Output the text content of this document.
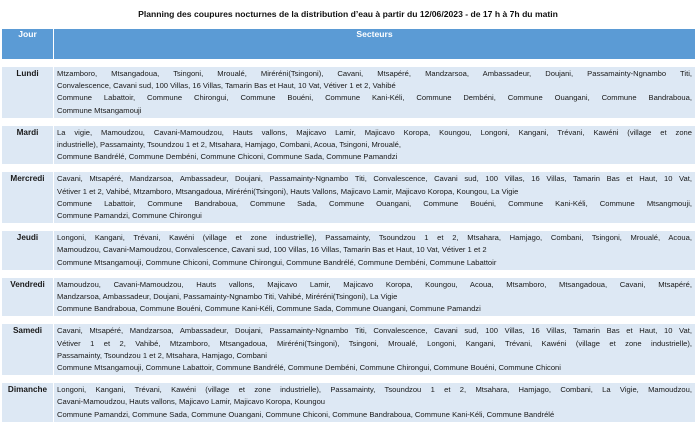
Planning des coupures nocturnes de la distribution d’eau à partir du 12/06/2023 - de 17 h à 7h du matin
Jour	Secteurs

Lundi	Mtzamboro, Mtsangadoua, Tsingoni, Mroualé, Miréréni(Tsingoni), Cavani, Mtsapéré, Mandzarsoa, Ambassadeur, Doujani, Passamainty-Ngnambo Titi,
Convalescence, Cavani sud, 100 Villas, 16 Villas, Tamarin Bas et Haut, 10 Vat, Vétiver 1 et 2, Vahibé
Commune Labattoir, Commune Chirongui, Commune Bouéni, Commune Kani-Kéli, Commune Dembéni, Commune Ouangani, Commune Bandraboua,
Commune Mtsangamouji

Mardi	La vigie, Mamoudzou, Cavani-Mamoudzou, Hauts vallons, Majicavo Lamir, Majicavo Koropa, Koungou, Longoni, Kangani, Trévani, Kawéni (village et zone
industrielle), Passamainty, Tsoundzou 1 et 2, Mtsahara, Hamjago, Combani, Acoua, Tsingoni, Mroualé,
Commune Bandrélé, Commune Dembéni, Commune Chiconi, Commune Sada, Commune Pamandzi

Mercredi	Cavani, Mtsapéré, Mandzarsoa, Ambassadeur, Doujani, Passamainty-Ngnambo Titi, Convalescence, Cavani sud, 100 Villas, 16 Villas, Tamarin Bas et Haut, 10 Vat,
Vétiver 1 et 2, Vahibé, Mtzamboro, Mtsangadoua, Miréréni(Tsingoni), Hauts Vallons, Majicavo Lamir, Majicavo Koropa, Koungou, La Vigie
Commune Labattoir, Commune Bandraboua, Commune Sada, Commune Ouangani, Commune Bouéni, Commune Kani-Kéli, Commune Mtsangmouji,
Commune Pamandzi, Commune Chirongui

Jeudi	Longoni, Kangani, Trévani, Kawéni (village et zone industrielle), Passamainty, Tsoundzou 1 et 2, Mtsahara, Hamjago, Combani, Tsingoni, Mroualé, Acoua,
Mamoudzou, Cavani-Mamoudzou, Convalescence, Cavani sud, 100 Villas, 16 Villas, Tamarin Bas et Haut, 10 Vat, Vétiver 1 et 2
Commune Mtsangamouji, Commune Chiconi, Commune Chirongui, Commune Bandrélé, Commune Dembéni, Commune Labattoir

Vendredi	Mamoudzou, Cavani-Mamoudzou, Hauts vallons, Majicavo Lamir, Majicavo Koropa, Koungou, Acoua, Mtsamboro, Mtsangadoua, Cavani, Mtsapéré,
Mandzarsoa, Ambassadeur, Doujani, Passamainty-Ngnambo Titi, Vahibé, Miréréni(Tsingoni), La Vigie
Commune Bandraboua, Commune Bouéni, Commune Kani-Kéli, Commune Sada, Commune Ouangani, Commune Pamandzi

Samedi	Cavani, Mtsapéré, Mandzarsoa, Ambassadeur, Doujani, Passamainty-Ngnambo Titi, Convalescence, Cavani sud, 100 Villas, 16 Villas, Tamarin Bas et Haut, 10 Vat,
Vétiver 1 et 2, Vahibé, Mtzamboro, Mtsangadoua, Miréréni(Tsingoni), Tsingoni, Mroualé, Longoni, Kangani, Trévani, Kawéni (village et zone industrielle),
Passamainty, Tsoundzou 1 et 2, Mtsahara, Hamjago, Combani
Commune Mtsangamouji, Commune Labattoir, Commune Bandrélé, Commune Dembéni, Commune Chirongui, Commune Bouéni, Commune Chiconi

Dimanche	Longoni, Kangani, Trévani, Kawéni (village et zone industrielle), Passamainty, Tsoundzou 1 et 2, Mtsahara, Hamjago, Combani, La Vigie, Mamoudzou,
Cavani-Mamoudzou, Hauts vallons, Majicavo Lamir, Majicavo Koropa, Koungou
Commune Pamandzi, Commune Sada, Commune Ouangani, Commune Chiconi, Commune Bandraboua, Commune Kani-Kéli, Commune Bandrélé
